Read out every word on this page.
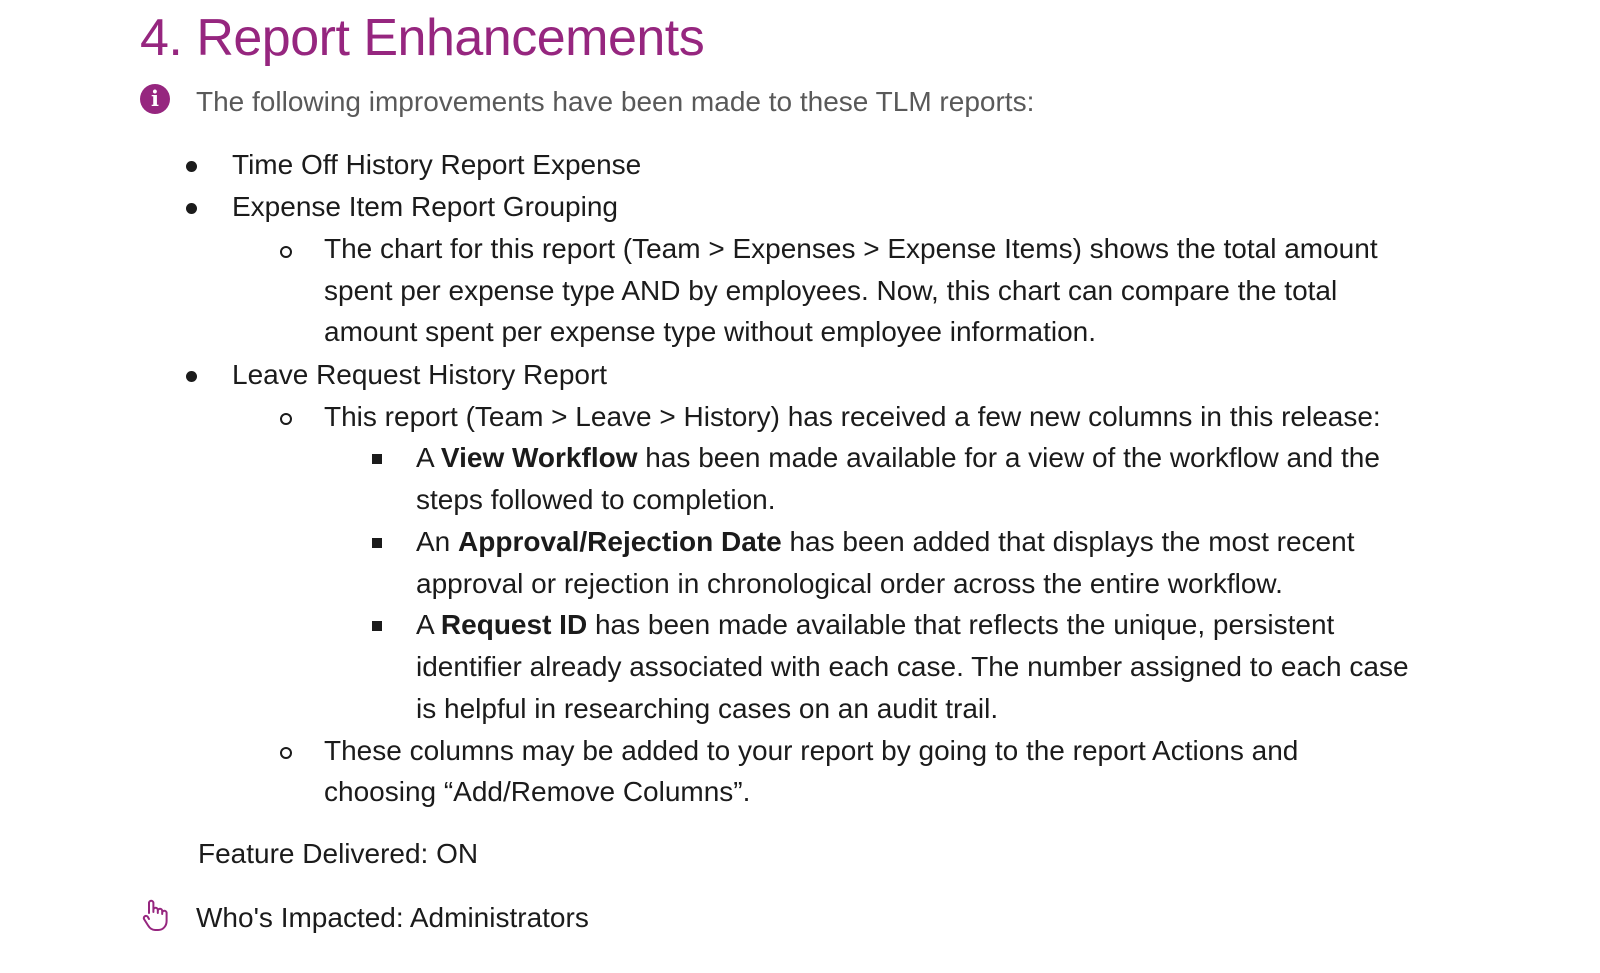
4. Report Enhancements
i	The following improvements have been made to these TLM reports:
Time Off History Report Expense
Expense Item Report Grouping
The chart for this report (Team > Expenses > Expense Items) shows the total amount
spent per expense type AND by employees. Now, this chart can compare the total
amount spent per expense type without employee information.
Leave Request History Report
This report (Team > Leave > History) has received a few new columns in this release:
A View Workflow has been made available for a view of the workflow and the
steps followed to completion.
An Approval/Rejection Date has been added that displays the most recent
approval or rejection in chronological order across the entire workflow.
A Request ID has been made available that reflects the unique, persistent
identifier already associated with each case. The number assigned to each case
is helpful in researching cases on an audit trail.
These columns may be added to your report by going to the report Actions and
choosing “Add/Remove Columns”.
Feature Delivered: ON
Who's Impacted: Administrators
